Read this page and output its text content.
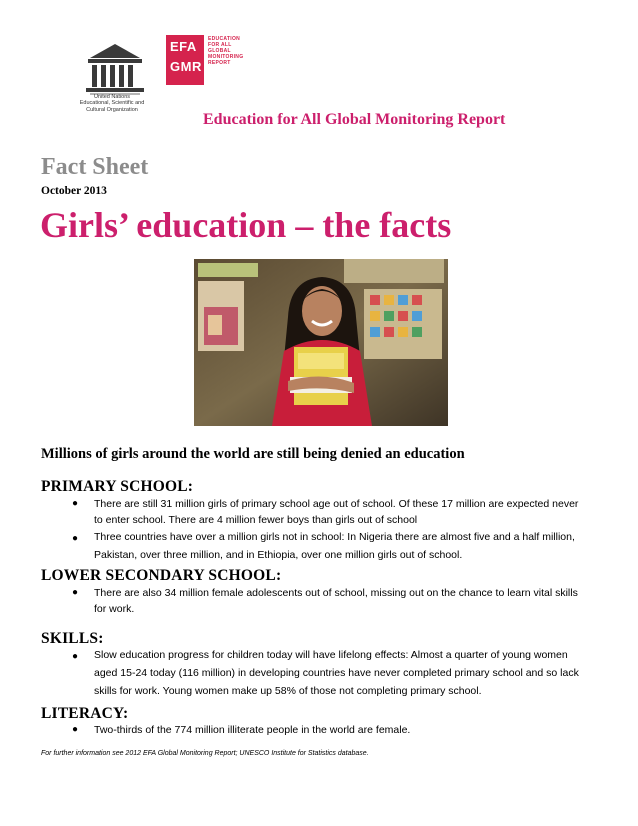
United Nations
Educational, Scientific and
Cultural Organization
EFA
GMR
EDUCATION
FOR ALL
GLOBAL
MONITORING
REPORT
Education for All Global Monitoring Report
Fact Sheet
October 2013
Girls’ education – the facts
Millions of girls around the world are still being denied an education
PRIMARY SCHOOL:
● There are still 31 million girls of primary school age out of school. Of these 17 million are expected never to enter school. There are 4 million fewer boys than girls out of school
● Three countries have over a million girls not in school: In Nigeria there are almost five and a half million, Pakistan, over three million, and in Ethiopia, over one million girls out of school.
LOWER SECONDARY SCHOOL:
● There are also 34 million female adolescents out of school, missing out on the chance to learn vital skills for work.
SKILLS:
● Slow education progress for children today will have lifelong effects: Almost a quarter of young women aged 15-24 today (116 million) in developing countries have never completed primary school and so lack skills for work. Young women make up 58% of those not completing primary school.
LITERACY:
● Two-thirds of the 774 million illiterate people in the world are female.
For further information see 2012 EFA Global Monitoring Report; UNESCO Institute for Statistics database.
